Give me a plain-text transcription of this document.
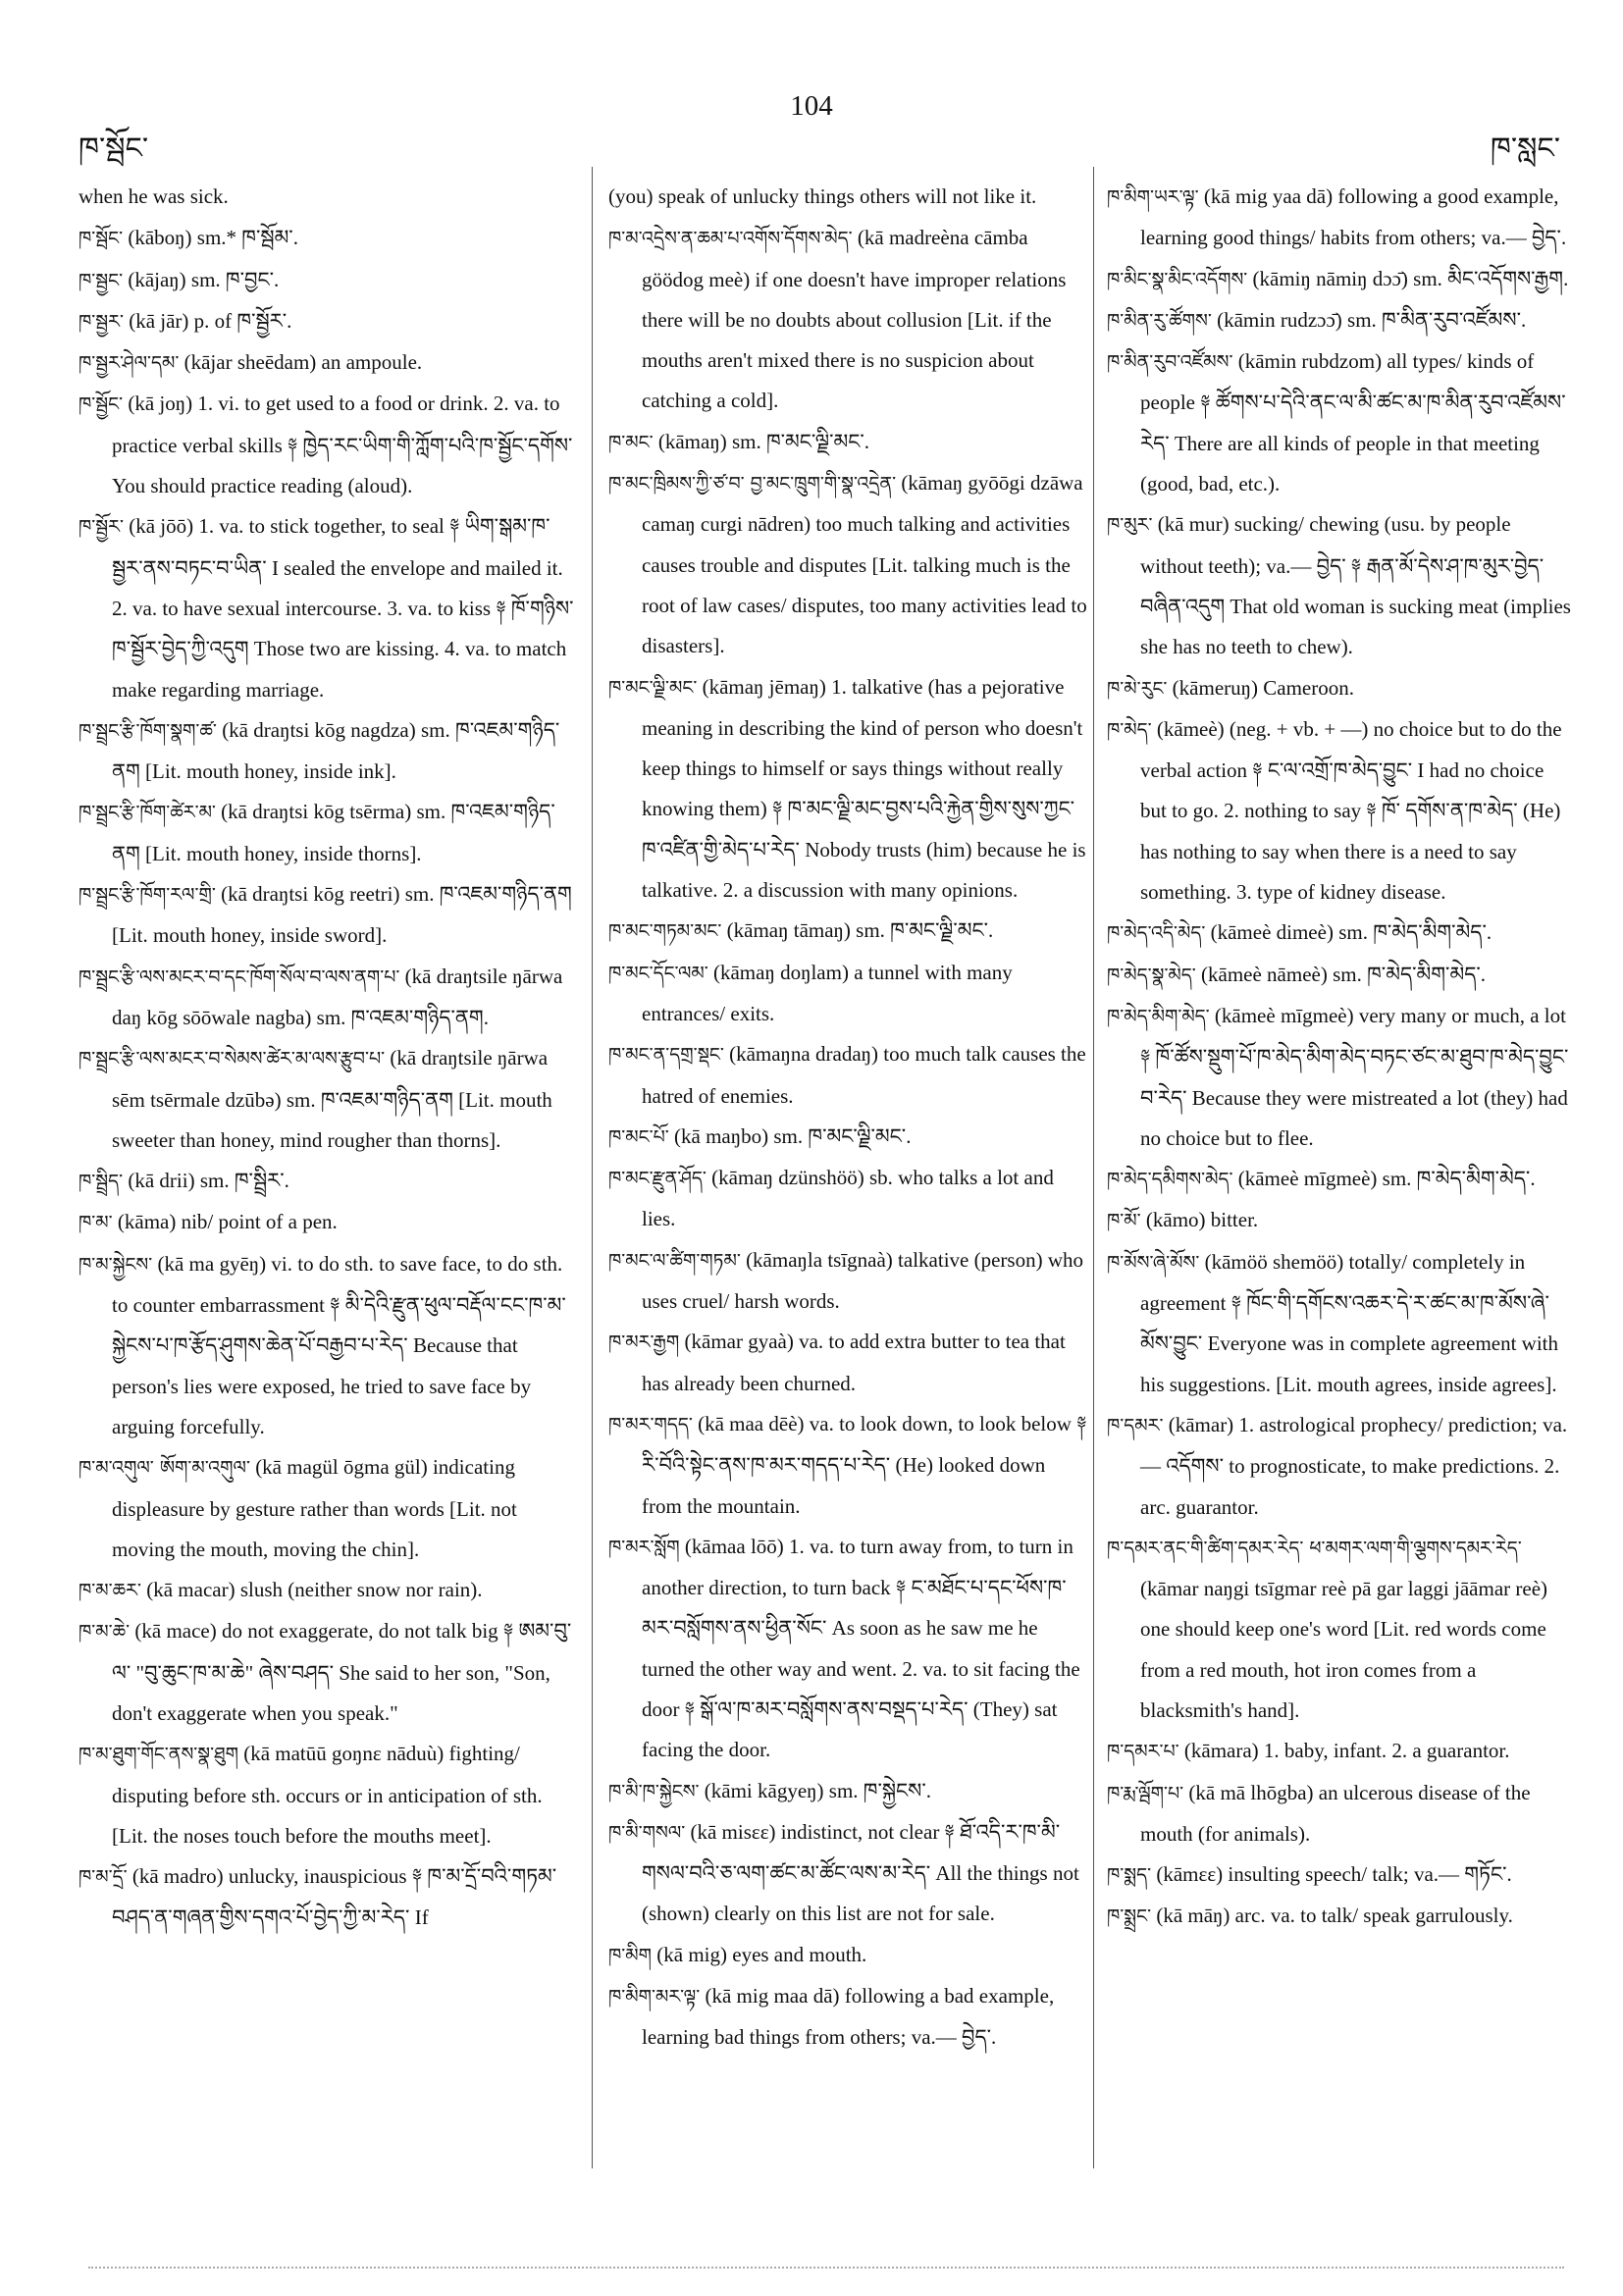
ཁ་སྦོང་
104
ཁ་སླང་

when he was sick.

ཁ་སྦོང་ (kāboŋ) sm.* ཁ་སྦོམ་.

ཁ་སྦྱང་ (kājaŋ) sm. ཁ་བྱང་.

ཁ་སྦྱར་ (kā jār) p. of ཁ་སྦྱོར་.

ཁ་སྦྱར་ཤེལ་དམ་ (kājar sheēdam) an ampoule.

ཁ་སྦྱོང་ (kā joŋ) 1. vi. to get used to a food or drink. 2. va. to practice verbal skills ༈ ཁྱེད་རང་ཡིག་གི་ཀློག་པའི་ཁ་སྦྱོང་དགོས་ You should practice reading (aloud).

ཁ་སྦྱོར་ (kā jōō) 1. va. to stick together, to seal ༈ ཡིག་སྒམ་ཁ་སྦྱར་ནས་བཏང་བ་ཡིན་ I sealed the envelope and mailed it. 2. va. to have sexual intercourse. 3. va. to kiss ༈ ཁོ་གཉིས་ཁ་སྦྱོར་བྱེད་ཀྱི་འདུག Those two are kissing. 4. va. to match make regarding marriage.

ཁ་སྦྲང་རྩི་ཁོག་སྣག་ཚ་ (kā draŋtsi kōg nagdza) sm. ཁ་འཇམ་གཉིད་ནག [Lit. mouth honey, inside ink].

ཁ་སྦྲང་རྩི་ཁོག་ཚེར་མ་ (kā draŋtsi kōg tsērma) sm. ཁ་འཇམ་གཉིད་ནག [Lit. mouth honey, inside thorns].

ཁ་སྦྲང་རྩི་ཁོག་རལ་གྲི་ (kā draŋtsi kōg reetri) sm. ཁ་འཇམ་གཉིད་ནག [Lit. mouth honey, inside sword].

ཁ་སྦྲང་རྩི་ལས་མངར་བ་དང་ཁོག་སོལ་བ་ལས་ནག་པ་ (kā draŋtsile ŋārwa daŋ kōg sōōwale nagba) sm. ཁ་འཇམ་གཉིད་ནག.

ཁ་སྦྲང་རྩི་ལས་མངར་བ་སེམས་ཚེར་མ་ལས་རྩུབ་པ་ (kā draŋtsile ŋārwa sēm tsērmale dzūbə) sm. ཁ་འཇམ་གཉིད་ནག [Lit. mouth sweeter than honey, mind rougher than thorns].

ཁ་སྦྲིད་ (kā drii) sm. ཁ་སྦྲིར་.

ཁ་མ་ (kāma) nib/ point of a pen.

ཁ་མ་སྐྱེངས་ (kā ma gyēŋ) vi. to do sth. to save face, to do sth. to counter embarrassment ༈ མི་དེའི་རྫུན་ཕུལ་བརྡོལ་ངང་ཁ་མ་སྐྱེངས་པ་ཁ་རྩོད་ཤུགས་ཆེན་པོ་བརྒྱབ་པ་རེད་ Because that person's lies were exposed, he tried to save face by arguing forcefully.

ཁ་མ་འགུལ་ ཨོག་མ་འགུལ་ (kā magül ōgma gül) indicating displeasure by gesture rather than words [Lit. not moving the mouth, moving the chin].

ཁ་མ་ཆར་ (kā macar) slush (neither snow nor rain).

ཁ་མ་ཆེ་ (kā mace) do not exaggerate, do not talk big ༈ ཨམ་བུ་ལ་ "བུ་ཆུང་ཁ་མ་ཆེ" ཞེས་བཤད་ She said to her son, "Son, don't exaggerate when you speak."

ཁ་མ་ཐུག་གོང་ནས་སྣ་ཐུག (kā matūū goŋnɛ nāduù) fighting/ disputing before sth. occurs or in anticipation of sth. [Lit. the noses touch before the mouths meet].

ཁ་མ་དྲོ་ (kā madro) unlucky, inauspicious ༈ ཁ་མ་དྲོ་བའི་གཏམ་བཤད་ན་གཞན་གྱིས་དགའ་པོ་བྱེད་ཀྱི་མ་རེད་ If

(you) speak of unlucky things others will not like it.

ཁ་མ་འདྲེས་ན་ཆམ་པ་འགོས་དོགས་མེད་ (kā madreèna cāmba göödog meè) if one doesn't have improper relations there will be no doubts about collusion [Lit. if the mouths aren't mixed there is no suspicion about catching a cold].

ཁ་མང་ (kāmaŋ) sm. ཁ་མང་ལྗི་མང་.

ཁ་མང་ཁྲིམས་ཀྱི་ཙ་བ་ བྱ་མང་ཁྲུག་གི་སྣ་འདྲེན་ (kāmaŋ gyōōgi dzāwa camaŋ curgi nādren) too much talking and activities causes trouble and disputes [Lit. talking much is the root of law cases/ disputes, too many activities lead to disasters].

ཁ་མང་ལྗི་མང་ (kāmaŋ jēmaŋ) 1. talkative (has a pejorative meaning in describing the kind of person who doesn't keep things to himself or says things without really knowing them) ༈ ཁ་མང་ལྗི་མང་བྱས་པའི་རྐྱེན་གྱིས་སུས་ཀྱང་ཁ་འཛིན་གྱི་མེད་པ་རེད་ Nobody trusts (him) because he is talkative. 2. a discussion with many opinions.

ཁ་མང་གཏམ་མང་ (kāmaŋ tāmaŋ) sm. ཁ་མང་ལྗི་མང་.

ཁ་མང་དོང་ལམ་ (kāmaŋ doŋlam) a tunnel with many entrances/ exits.

ཁ་མང་ན་དགྲ་སྡང་ (kāmaŋna dradaŋ) too much talk causes the hatred of enemies.

ཁ་མང་པོ་ (kā maŋbo) sm. ཁ་མང་ལྗི་མང་.

ཁ་མང་རྫུན་ཤོད་ (kāmaŋ dzünshöö) sb. who talks a lot and lies.

ཁ་མང་ལ་ཚིག་གཏམ་ (kāmaŋla tsīgnaà) talkative (person) who uses cruel/ harsh words.

ཁ་མར་རྒྱག (kāmar gyaà) va. to add extra butter to tea that has already been churned.

ཁ་མར་གདད་ (kā maa dēè) va. to look down, to look below ༈ རི་བོའི་སྟེང་ནས་ཁ་མར་གདད་པ་རེད་ (He) looked down from the mountain.

ཁ་མར་སློག (kāmaa lōō) 1. va. to turn away from, to turn in another direction, to turn back ༈ ང་མཐོང་པ་དང་ཕོས་ཁ་མར་བསློགས་ནས་ཕྱིན་སོང་ As soon as he saw me he turned the other way and went. 2. va. to sit facing the door ༈ སྒོ་ལ་ཁ་མར་བསློགས་ནས་བསྡད་པ་རེད་ (They) sat facing the door.

ཁ་མི་ཁ་སྐྱེངས་ (kāmi kāgyeŋ) sm. ཁ་སྐྱེངས་.

ཁ་མི་གསལ་ (kā misɛɛ) indistinct, not clear ༈ ཐོ་འདི་ར་ཁ་མི་གསལ་བའི་ཅ་ལག་ཚང་མ་ཚོང་ལས་མ་རེད་ All the things not (shown) clearly on this list are not for sale.

ཁ་མིག (kā mig) eyes and mouth.

ཁ་མིག་མར་ལྟ་ (kā mig maa dā) following a bad example, learning bad things from others; va.— བྱེད་.

ཁ་མིག་ཡར་ལྟ་ (kā mig yaa dā) following a good example, learning good things/ habits from others; va.— བྱེད་.

ཁ་མིང་སྣ་མིང་འདོགས་ (kāmiŋ nāmiŋ dɔɔ̄) sm. མིང་འདོགས་རྒྱག.

ཁ་མིན་རུ་ཚོགས་ (kāmin rudzɔɔ̄) sm. ཁ་མིན་རུབ་འཛོམས་.

ཁ་མིན་རུབ་འཛོམས་ (kāmin rubdzom) all types/ kinds of people ༈ ཚོགས་པ་དེའི་ནང་ལ་མི་ཚང་མ་ཁ་མིན་རུབ་འཛོམས་རེད་ There are all kinds of people in that meeting (good, bad, etc.).

ཁ་མུར་ (kā mur) sucking/ chewing (usu. by people without teeth); va.— བྱེད་ ༈ རྒན་མོ་དེས་ཤ་ཁ་མུར་བྱེད་བཞིན་འདུག That old woman is sucking meat (implies she has no teeth to chew).

ཁ་མེ་རུང་ (kāmeruŋ) Cameroon.

ཁ་མེད་ (kāmeè) (neg. + vb. + —) no choice but to do the verbal action ༈ ང་ལ་འགྲོ་ཁ་མེད་བྱུང་ I had no choice but to go. 2. nothing to say ༈ ཁོ་ དགོས་ན་ཁ་མེད་ (He) has nothing to say when there is a need to say something. 3. type of kidney disease.

ཁ་མེད་འདི་མེད་ (kāmeè dimeè) sm. ཁ་མེད་མིག་མེད་.

ཁ་མེད་སྣ་མེད་ (kāmeè nāmeè) sm. ཁ་མེད་མིག་མེད་.

ཁ་མེད་མིག་མེད་ (kāmeè mīgmeè) very many or much, a lot ༈ ཁོ་ཚོས་སྡུག་པོ་ཁ་མེད་མིག་མེད་བཏང་ཙང་མ་ཐུབ་ཁ་མེད་བྱུང་བ་རེད་ Because they were mistreated a lot (they) had no choice but to flee.

ཁ་མེད་དམིགས་མེད་ (kāmeè mīgmeè) sm. ཁ་མེད་མིག་མེད་.

ཁ་མོ་ (kāmo) bitter.

ཁ་མོས་ཞེ་མོས་ (kāmöö shemöö) totally/ completely in agreement ༈ ཁོང་གི་དགོངས་འཆར་དེ་ར་ཚང་མ་ཁ་མོས་ཞེ་མོས་བྱུང་ Everyone was in complete agreement with his suggestions. [Lit. mouth agrees, inside agrees].

ཁ་དམར་ (kāmar) 1. astrological prophecy/ prediction; va.— འདོགས་ to prognosticate, to make predictions. 2. arc. guarantor.

ཁ་དམར་ནང་གི་ཚིག་དམར་རེད་ ཕ་མགར་ལག་གི་ལྕགས་དམར་རེད་ (kāmar naŋgi tsīgmar reè pā gar laggi jāāmar reè) one should keep one's word [Lit. red words come from a red mouth, hot iron comes from a blacksmith's hand].

ཁ་དམར་པ་ (kāmara) 1. baby, infant. 2. a guarantor.

ཁ་རྨ་ལྦོག་པ་ (kā mā lhōgba) an ulcerous disease of the mouth (for animals).

ཁ་སྨད་ (kāmɛɛ) insulting speech/ talk; va.— གཏོང་.

ཁ་སྨྲང་ (kā māŋ) arc. va. to talk/ speak garrulously.
